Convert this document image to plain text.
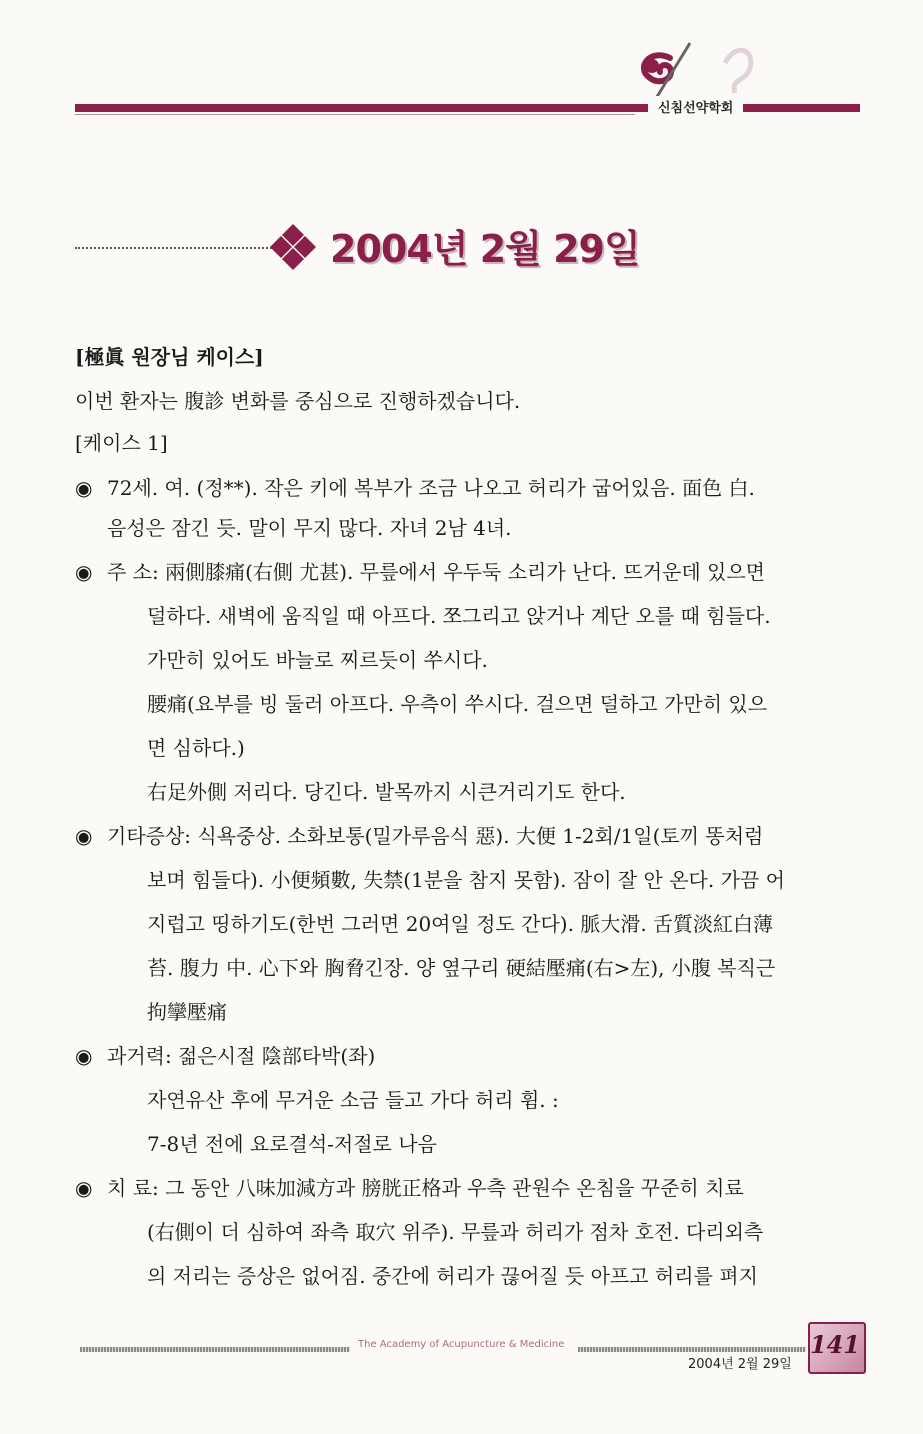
신침선약학회
2004년 2월 29일
[極眞 원장님 케이스]
이번 환자는 腹診 변화를 중심으로 진행하겠습니다.
[케이스 1]
◉ 72세. 여. (정**). 작은 키에 복부가 조금 나오고 허리가 굽어있음. 面色 白.
음성은 잠긴 듯. 말이 무지 많다. 자녀 2남 4녀.
◉ 주 소: 兩側膝痛(右側 尤甚). 무릎에서 우두둑 소리가 난다. 뜨거운데 있으면
덜하다. 새벽에 움직일 때 아프다. 쪼그리고 앉거나 계단 오를 때 힘들다.
가만히 있어도 바늘로 찌르듯이 쑤시다.
腰痛(요부를 빙 둘러 아프다. 우측이 쑤시다. 걸으면 덜하고 가만히 있으
면 심하다.)
右足外側 저리다. 당긴다. 발목까지 시큰거리기도 한다.
◉ 기타증상: 식욕중상. 소화보통(밀가루음식 惡). 大便 1-2회/1일(토끼 똥처럼
보며 힘들다). 小便頻數, 失禁(1분을 참지 못함). 잠이 잘 안 온다. 가끔 어
지럽고 띵하기도(한번 그러면 20여일 정도 간다). 脈大滑. 舌質淡紅白薄
苔. 腹力 中. 心下와 胸脅긴장. 양 옆구리 硬結壓痛(右>左), 小腹 복직근
拘攣壓痛
◉ 과거력: 젊은시절 陰部타박(좌)
자연유산 후에 무거운 소금 들고 가다 허리 휨. :
7-8년 전에 요로결석-저절로 나음
◉ 치 료: 그 동안 八味加減方과 膀胱正格과 우측 관원수 온침을 꾸준히 치료
(右側이 더 심하여 좌측 取穴 위주). 무릎과 허리가 점차 호전. 다리외측
의 저리는 증상은 없어짐. 중간에 허리가 끊어질 듯 아프고 허리를 펴지
The Academy of Acupuncture & Medicine	141
2004년 2월 29일
